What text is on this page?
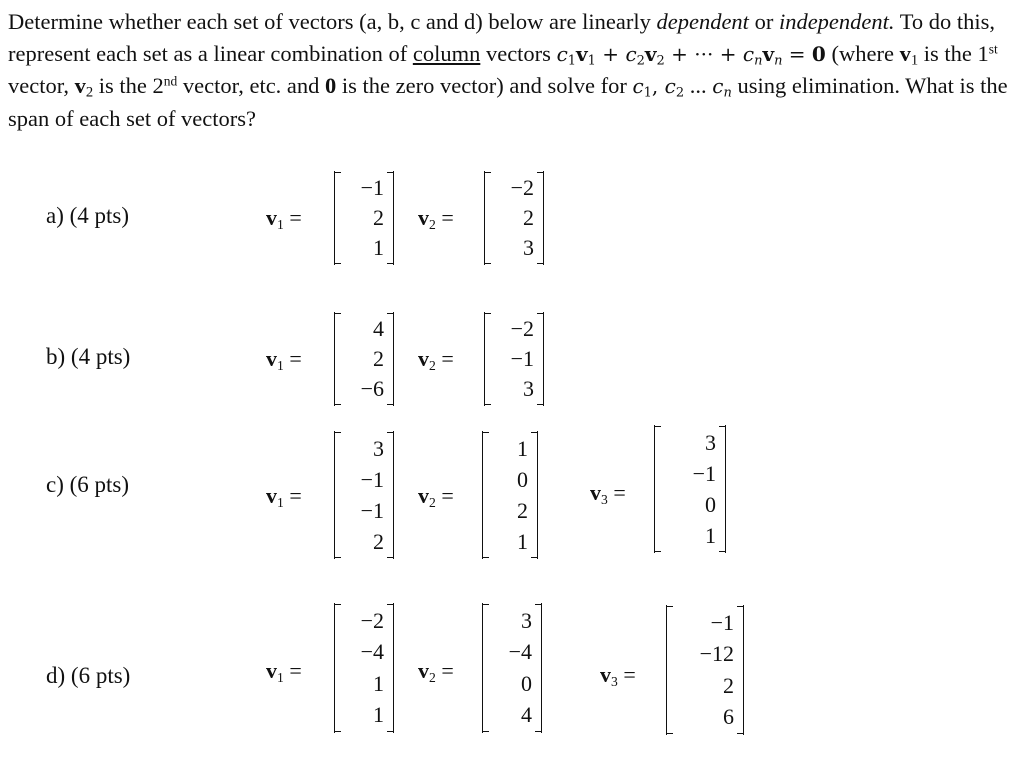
Determine whether each set of vectors (a, b, c and d) below are linearly dependent or independent. To do this, represent each set as a linear combination of column vectors $c_1v_1 + c_2v_2$ + ··· + $c_nv_n = 0$ (where $v_1$ is the 1st vector, $v_2$ is the 2nd vector, etc. and 0 is the zero vector) and solve for $c_1$, $c_2$ ... $c_n$ using elimination. What is the span of each set of vectors?

a) (4 pts)	$v_1$ =
−1
2
1
$v_2$ =
−2
2
3
b) (4 pts)	$v_1$ =
4
2
−6
$v_2$ =
−2
−1
3
c) (6 pts)	$v_1$ =
3
−1
−1
2
$v_2$ =
1
0
2
1
$v_3$ =
3
−1
0
1
d) (6 pts)	$v_1$ =
−2
−4
1
1
$v_2$ =
3
−4
0
4
$v_3$ =
−1
−12
2
6
